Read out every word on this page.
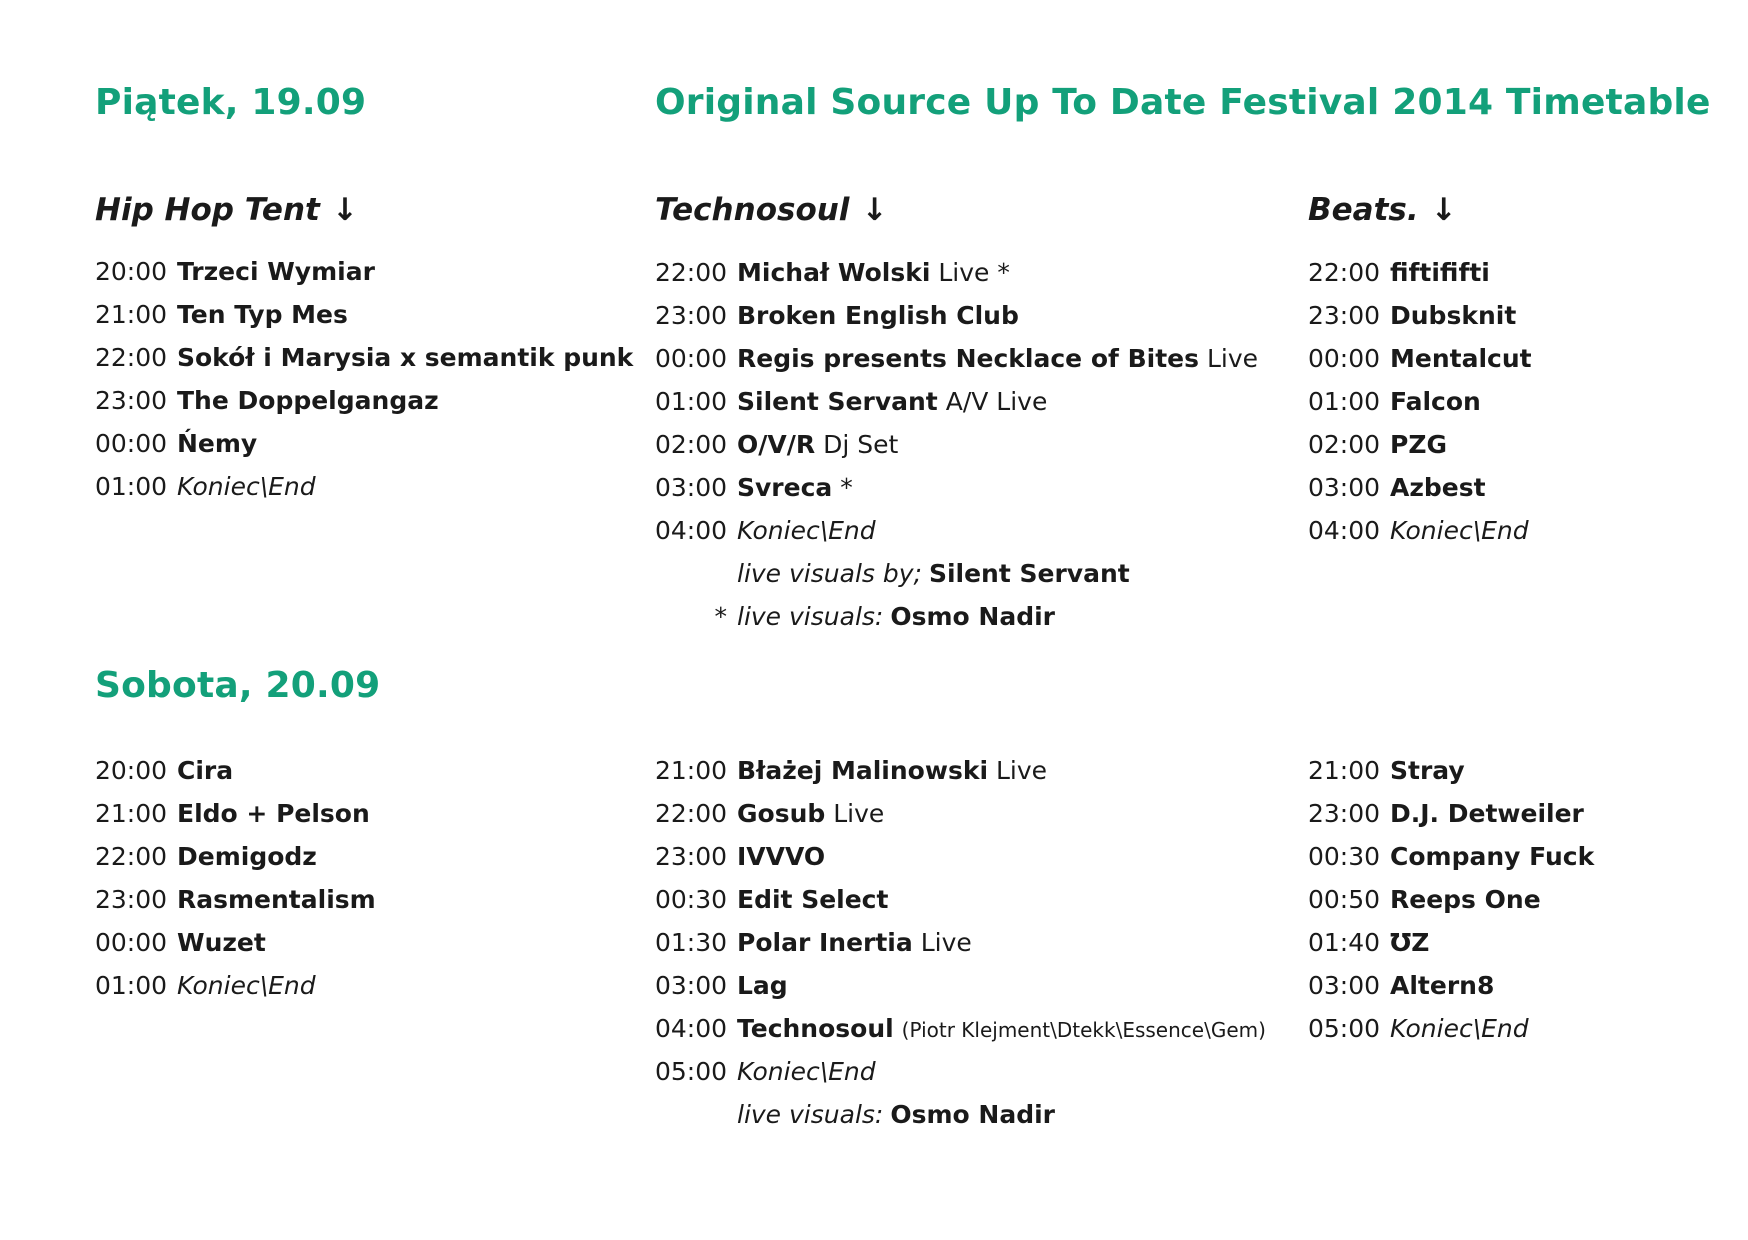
Piątek, 19.09	Original Source Up To Date Festival 2014 Timetable
Hip Hop Tent ↓	Technosoul ↓	Beats. ↓
20:00 Trzeci Wymiar
21:00 Ten Typ Mes
22:00 Sokół i Marysia x semantik punk
23:00 The Doppelgangaz
00:00 Ńemy
01:00 Koniec\End
22:00 Michał Wolski Live *
23:00 Broken English Club
00:00 Regis presents Necklace of Bites Live
01:00 Silent Servant A/V Live
02:00 O/V/R Dj Set
03:00 Svreca *
04:00 Koniec\End
live visuals by; Silent Servant
* live visuals: Osmo Nadir
22:00 fiftififti
23:00 Dubsknit
00:00 Mentalcut
01:00 Falcon
02:00 PZG
03:00 Azbest
04:00 Koniec\End
Sobota, 20.09
20:00 Cira
21:00 Eldo + Pelson
22:00 Demigodz
23:00 Rasmentalism
00:00 Wuzet
01:00 Koniec\End
21:00 Błażej Malinowski Live
22:00 Gosub Live
23:00 IVVVO
00:30 Edit Select
01:30 Polar Inertia Live
03:00 Lag
04:00 Technosoul (Piotr Klejment\Dtekk\Essence\Gem)
05:00 Koniec\End
live visuals: Osmo Nadir
21:00 Stray
23:00 D.J. Detweiler
00:30 Company Fuck
00:50 Reeps One
01:40 ƱZ
03:00 Altern8
05:00 Koniec\End
